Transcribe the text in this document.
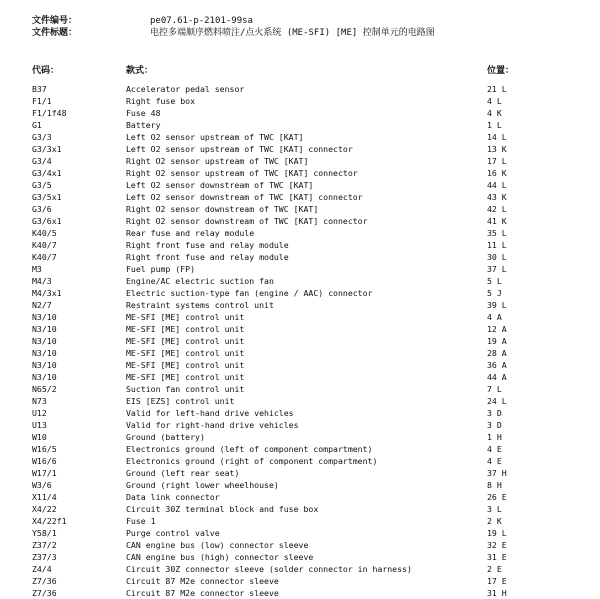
文件编号：	pe07.61-p-2101-99sa
文件标题：	电控多端顺序燃料喷注/点火系统 (ME-SFI) [ME] 控制单元的电路图
代码：	款式：	位置：
B37	Accelerator pedal sensor	21 L
F1/1	Right fuse box	4 L
F1/1f48	Fuse 48	4 K
G1	Battery	1 L
G3/3	Left O2 sensor upstream of TWC [KAT]	14 L
G3/3x1	Left O2 sensor upstream of TWC [KAT] connector	13 K
G3/4	Right O2 sensor upstream of TWC [KAT]	17 L
G3/4x1	Right O2 sensor upstream of TWC [KAT] connector	16 K
G3/5	Left O2 sensor downstream of TWC [KAT]	44 L
G3/5x1	Left O2 sensor downstream of TWC [KAT] connector	43 K
G3/6	Right O2 sensor downstream of TWC [KAT]	42 L
G3/6x1	Right O2 sensor downstream of TWC [KAT] connector	41 K
K40/5	Rear fuse and relay module	35 L
K40/7	Right front fuse and relay module	11 L
K40/7	Right front fuse and relay module	30 L
M3	Fuel pump (FP)	37 L
M4/3	Engine/AC electric suction fan	5 L
M4/3x1	Electric suction-type fan (engine / AAC) connector	5 J
N2/7	Restraint systems control unit	39 L
N3/10	ME-SFI [ME] control unit	4 A
N3/10	ME-SFI [ME] control unit	12 A
N3/10	ME-SFI [ME] control unit	19 A
N3/10	ME-SFI [ME] control unit	28 A
N3/10	ME-SFI [ME] control unit	36 A
N3/10	ME-SFI [ME] control unit	44 A
N65/2	Suction fan control unit	7 L
N73	EIS [EZS] control unit	24 L
U12	Valid for left-hand drive vehicles	3 D
U13	Valid for right-hand drive vehicles	3 D
W10	Ground (battery)	1 H
W16/5	Electronics ground (left of component compartment)	4 E
W16/6	Electronics ground (right of component compartment)	4 E
W17/1	Ground (left rear seat)	37 H
W3/6	Ground (right lower wheelhouse)	8 H
X11/4	Data link connector	26 E
X4/22	Circuit 30Z terminal block and fuse box	3 L
X4/22f1	Fuse 1	2 K
Y58/1	Purge control valve	19 L
Z37/2	CAN engine bus (low) connector sleeve	32 E
Z37/3	CAN engine bus (high) connector sleeve	31 E
Z4/4	Circuit 30Z connector sleeve (solder connector in harness)	2 E
Z7/36	Circuit 87 M2e connector sleeve	17 E
Z7/36	Circuit 87 M2e connector sleeve	31 H
